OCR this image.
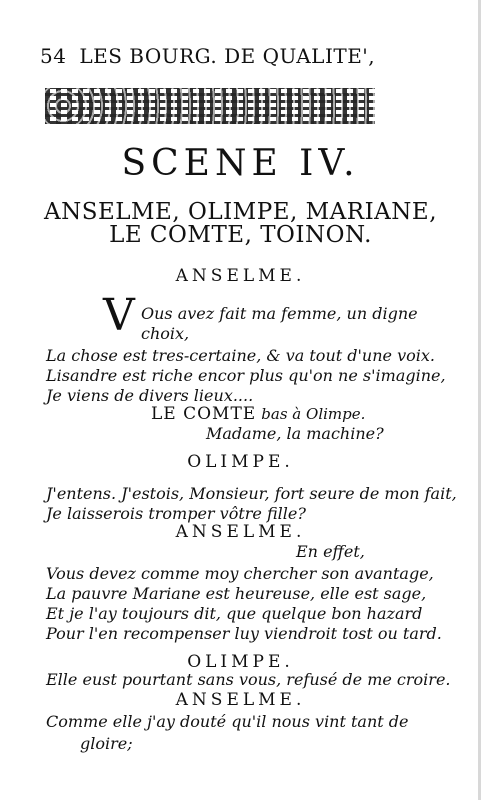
54 LES BOURG. DE QUALITE',
SCENE IV.
ANSELME, OLIMPE, MARIANE,
LE COMTE, TOINON.
ANSELME.
V Ous avez fait ma femme, un digne
choix,
La chose est tres-certaine, & va tout d'une voix.
Lisandre est riche encor plus qu'on ne s'imagine,
Je viens de divers lieux....
LE COMTE bas à Olimpe.
Madame, la machine?
OLIMPE.
J'entens. J'estois, Monsieur, fort seure de mon fait,
Je laisserois tromper vôtre fille?
ANSELME.
En effet,
Vous devez comme moy chercher son avantage,
La pauvre Mariane est heureuse, elle est sage,
Et je l'ay toujours dit, que quelque bon hazard
Pour l'en recompenser luy viendroit tost ou tard.
OLIMPE.
Elle eust pourtant sans vous, refusé de me croire.
ANSELME.
Comme elle j'ay douté qu'il nous vint tant de
gloire;
